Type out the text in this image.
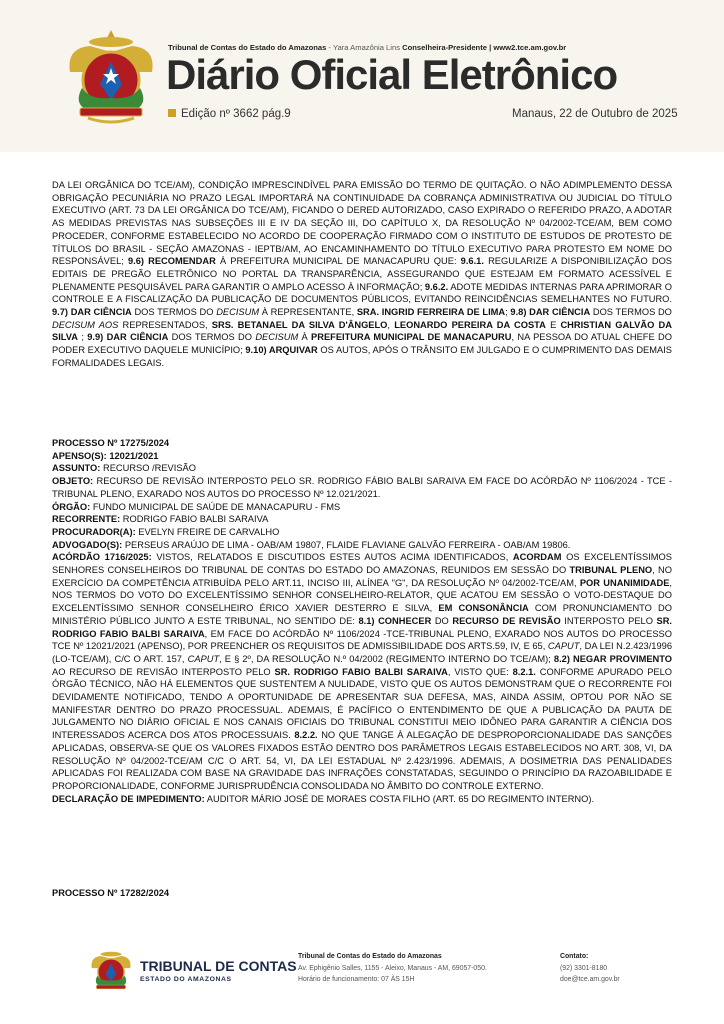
Tribunal de Contas do Estado do Amazonas - Yara Amazônia Lins Conselheira-Presidente | www2.tce.am.gov.br
Diário Oficial Eletrônico
Edição nº 3662 pág.9	Manaus, 22 de Outubro de 2025

DA LEI ORGÂNICA DO TCE/AM), CONDIÇÃO IMPRESCINDÍVEL PARA EMISSÃO DO TERMO DE QUITAÇÃO. O NÃO ADIMPLEMENTO DESSA OBRIGAÇÃO PECUNIÁRIA NO PRAZO LEGAL IMPORTARÁ NA CONTINUIDADE DA COBRANÇA ADMINISTRATIVA OU JUDICIAL DO TÍTULO EXECUTIVO (ART. 73 DA LEI ORGÂNICA DO TCE/AM), FICANDO O DERED AUTORIZADO, CASO EXPIRADO O REFERIDO PRAZO, A ADOTAR AS MEDIDAS PREVISTAS NAS SUBSEÇÕES III E IV DA SEÇÃO III, DO CAPÍTULO X, DA RESOLUÇÃO Nº 04/2002-TCE/AM, BEM COMO PROCEDER, CONFORME ESTABELECIDO NO ACORDO DE COOPERAÇÃO FIRMADO COM O INSTITUTO DE ESTUDOS DE PROTESTO DE TÍTULOS DO BRASIL - SEÇÃO AMAZONAS - IEPTB/AM, AO ENCAMINHAMENTO DO TÍTULO EXECUTIVO PARA PROTESTO EM NOME DO RESPONSÁVEL; 9.6) RECOMENDAR À PREFEITURA MUNICIPAL DE MANACAPURU QUE: 9.6.1. REGULARIZE A DISPONIBILIZAÇÃO DOS EDITAIS DE PREGÃO ELETRÔNICO NO PORTAL DA TRANSPARÊNCIA, ASSEGURANDO QUE ESTEJAM EM FORMATO ACESSÍVEL E PLENAMENTE PESQUISÁVEL PARA GARANTIR O AMPLO ACESSO À INFORMAÇÃO; 9.6.2. ADOTE MEDIDAS INTERNAS PARA APRIMORAR O CONTROLE E A FISCALIZAÇÃO DA PUBLICAÇÃO DE DOCUMENTOS PÚBLICOS, EVITANDO REINCIDÊNCIAS SEMELHANTES NO FUTURO. 9.7) DAR CIÊNCIA DOS TERMOS DO DECISUM À REPRESENTANTE, SRA. INGRID FERREIRA DE LIMA; 9.8) DAR CIÊNCIA DOS TERMOS DO DECISUM AOS REPRESENTADOS, SRS. BETANAEL DA SILVA D'ÂNGELO, LEONARDO PEREIRA DA COSTA E CHRISTIAN GALVÃO DA SILVA ; 9.9) DAR CIÊNCIA DOS TERMOS DO DECISUM À PREFEITURA MUNICIPAL DE MANACAPURU, NA PESSOA DO ATUAL CHEFE DO PODER EXECUTIVO DAQUELE MUNICÍPIO; 9.10) ARQUIVAR OS AUTOS, APÓS O TRÂNSITO EM JULGADO E O CUMPRIMENTO DAS DEMAIS FORMALIDADES LEGAIS.

PROCESSO Nº 17275/2024

APENSO(S): 12021/2021

ASSUNTO: RECURSO /REVISÃO

OBJETO: RECURSO DE REVISÃO INTERPOSTO PELO SR. RODRIGO FÁBIO BALBI SARAIVA EM FACE DO ACÓRDÃO Nº 1106/2024 - TCE - TRIBUNAL PLENO, EXARADO NOS AUTOS DO PROCESSO Nº 12.021/2021.

ÓRGÃO: FUNDO MUNICIPAL DE SAÚDE DE MANACAPURU - FMS

RECORRENTE: RODRIGO FABIO BALBI SARAIVA

PROCURADOR(A): EVELYN FREIRE DE CARVALHO

ADVOGADO(S): PERSEUS ARAÚJO DE LIMA - OAB/AM 19807, FLAIDE FLAVIANE GALVÃO FERREIRA - OAB/AM 19806.

ACÓRDÃO 1716/2025: VISTOS, RELATADOS E DISCUTIDOS ESTES AUTOS ACIMA IDENTIFICADOS, ACORDAM OS EXCELENTÍSSIMOS SENHORES CONSELHEIROS DO TRIBUNAL DE CONTAS DO ESTADO DO AMAZONAS, REUNIDOS EM SESSÃO DO TRIBUNAL PLENO, NO EXERCÍCIO DA COMPETÊNCIA ATRIBUÍDA PELO ART.11, INCISO III, ALÍNEA "G", DA RESOLUÇÃO Nº 04/2002-TCE/AM, POR UNANIMIDADE, NOS TERMOS DO VOTO DO EXCELENTÍSSIMO SENHOR CONSELHEIRO-RELATOR, QUE ACATOU EM SESSÃO O VOTO-DESTAQUE DO EXCELENTÍSSIMO SENHOR CONSELHEIRO ÉRICO XAVIER DESTERRO E SILVA, EM CONSONÂNCIA COM PRONUNCIAMENTO DO MINISTÉRIO PÚBLICO JUNTO A ESTE TRIBUNAL, NO SENTIDO DE: 8.1) CONHECER DO RECURSO DE REVISÃO INTERPOSTO PELO SR. RODRIGO FABIO BALBI SARAIVA, EM FACE DO ACÓRDÃO Nº 1106/2024 -TCE-TRIBUNAL PLENO, EXARADO NOS AUTOS DO PROCESSO TCE Nº 12021/2021 (APENSO), POR PREENCHER OS REQUISITOS DE ADMISSIBILIDADE DOS ARTS.59, IV, E 65, CAPUT, DA LEI N.2.423/1996 (LO-TCE/AM), C/C O ART. 157, CAPUT, E § 2º, DA RESOLUÇÃO N.º 04/2002 (REGIMENTO INTERNO DO TCE/AM); 8.2) NEGAR PROVIMENTO AO RECURSO DE REVISÃO INTERPOSTO PELO SR. RODRIGO FABIO BALBI SARAIVA, VISTO QUE: 8.2.1. CONFORME APURADO PELO ÓRGÃO TÉCNICO, NÃO HÁ ELEMENTOS QUE SUSTENTEM A NULIDADE, VISTO QUE OS AUTOS DEMONSTRAM QUE O RECORRENTE FOI DEVIDAMENTE NOTIFICADO, TENDO A OPORTUNIDADE DE APRESENTAR SUA DEFESA, MAS, AINDA ASSIM, OPTOU POR NÃO SE MANIFESTAR DENTRO DO PRAZO PROCESSUAL. ADEMAIS, É PACÍFICO O ENTENDIMENTO DE QUE A PUBLICAÇÃO DA PAUTA DE JULGAMENTO NO DIÁRIO OFICIAL E NOS CANAIS OFICIAIS DO TRIBUNAL CONSTITUI MEIO IDÔNEO PARA GARANTIR A CIÊNCIA DOS INTERESSADOS ACERCA DOS ATOS PROCESSUAIS. 8.2.2. NO QUE TANGE À ALEGAÇÃO DE DESPROPORCIONALIDADE DAS SANÇÕES APLICADAS, OBSERVA-SE QUE OS VALORES FIXADOS ESTÃO DENTRO DOS PARÂMETROS LEGAIS ESTABELECIDOS NO ART. 308, VI, DA RESOLUÇÃO Nº 04/2002-TCE/AM C/C O ART. 54, VI, DA LEI ESTADUAL Nº 2.423/1996. ADEMAIS, A DOSIMETRIA DAS PENALIDADES APLICADAS FOI REALIZADA COM BASE NA GRAVIDADE DAS INFRAÇÕES CONSTATADAS, SEGUINDO O PRINCÍPIO DA RAZOABILIDADE E PROPORCIONALIDADE, CONFORME JURISPRUDÊNCIA CONSOLIDADA NO ÂMBITO DO CONTROLE EXTERNO.

DECLARAÇÃO DE IMPEDIMENTO: AUDITOR MÁRIO JOSÉ DE MORAES COSTA FILHO (ART. 65 DO REGIMENTO INTERNO).

PROCESSO Nº 17282/2024

TRIBUNAL DE CONTAS
ESTADO DO AMAZONAS
Tribunal de Contas do Estado do Amazonas
Av. Ephigênio Salles, 1155 - Aleixo, Manaus - AM, 69057-050.
Horário de funcionamento: 07 ÀS 15H
Contato:
(92) 3301-8180
doe@tce.am.gov.br
